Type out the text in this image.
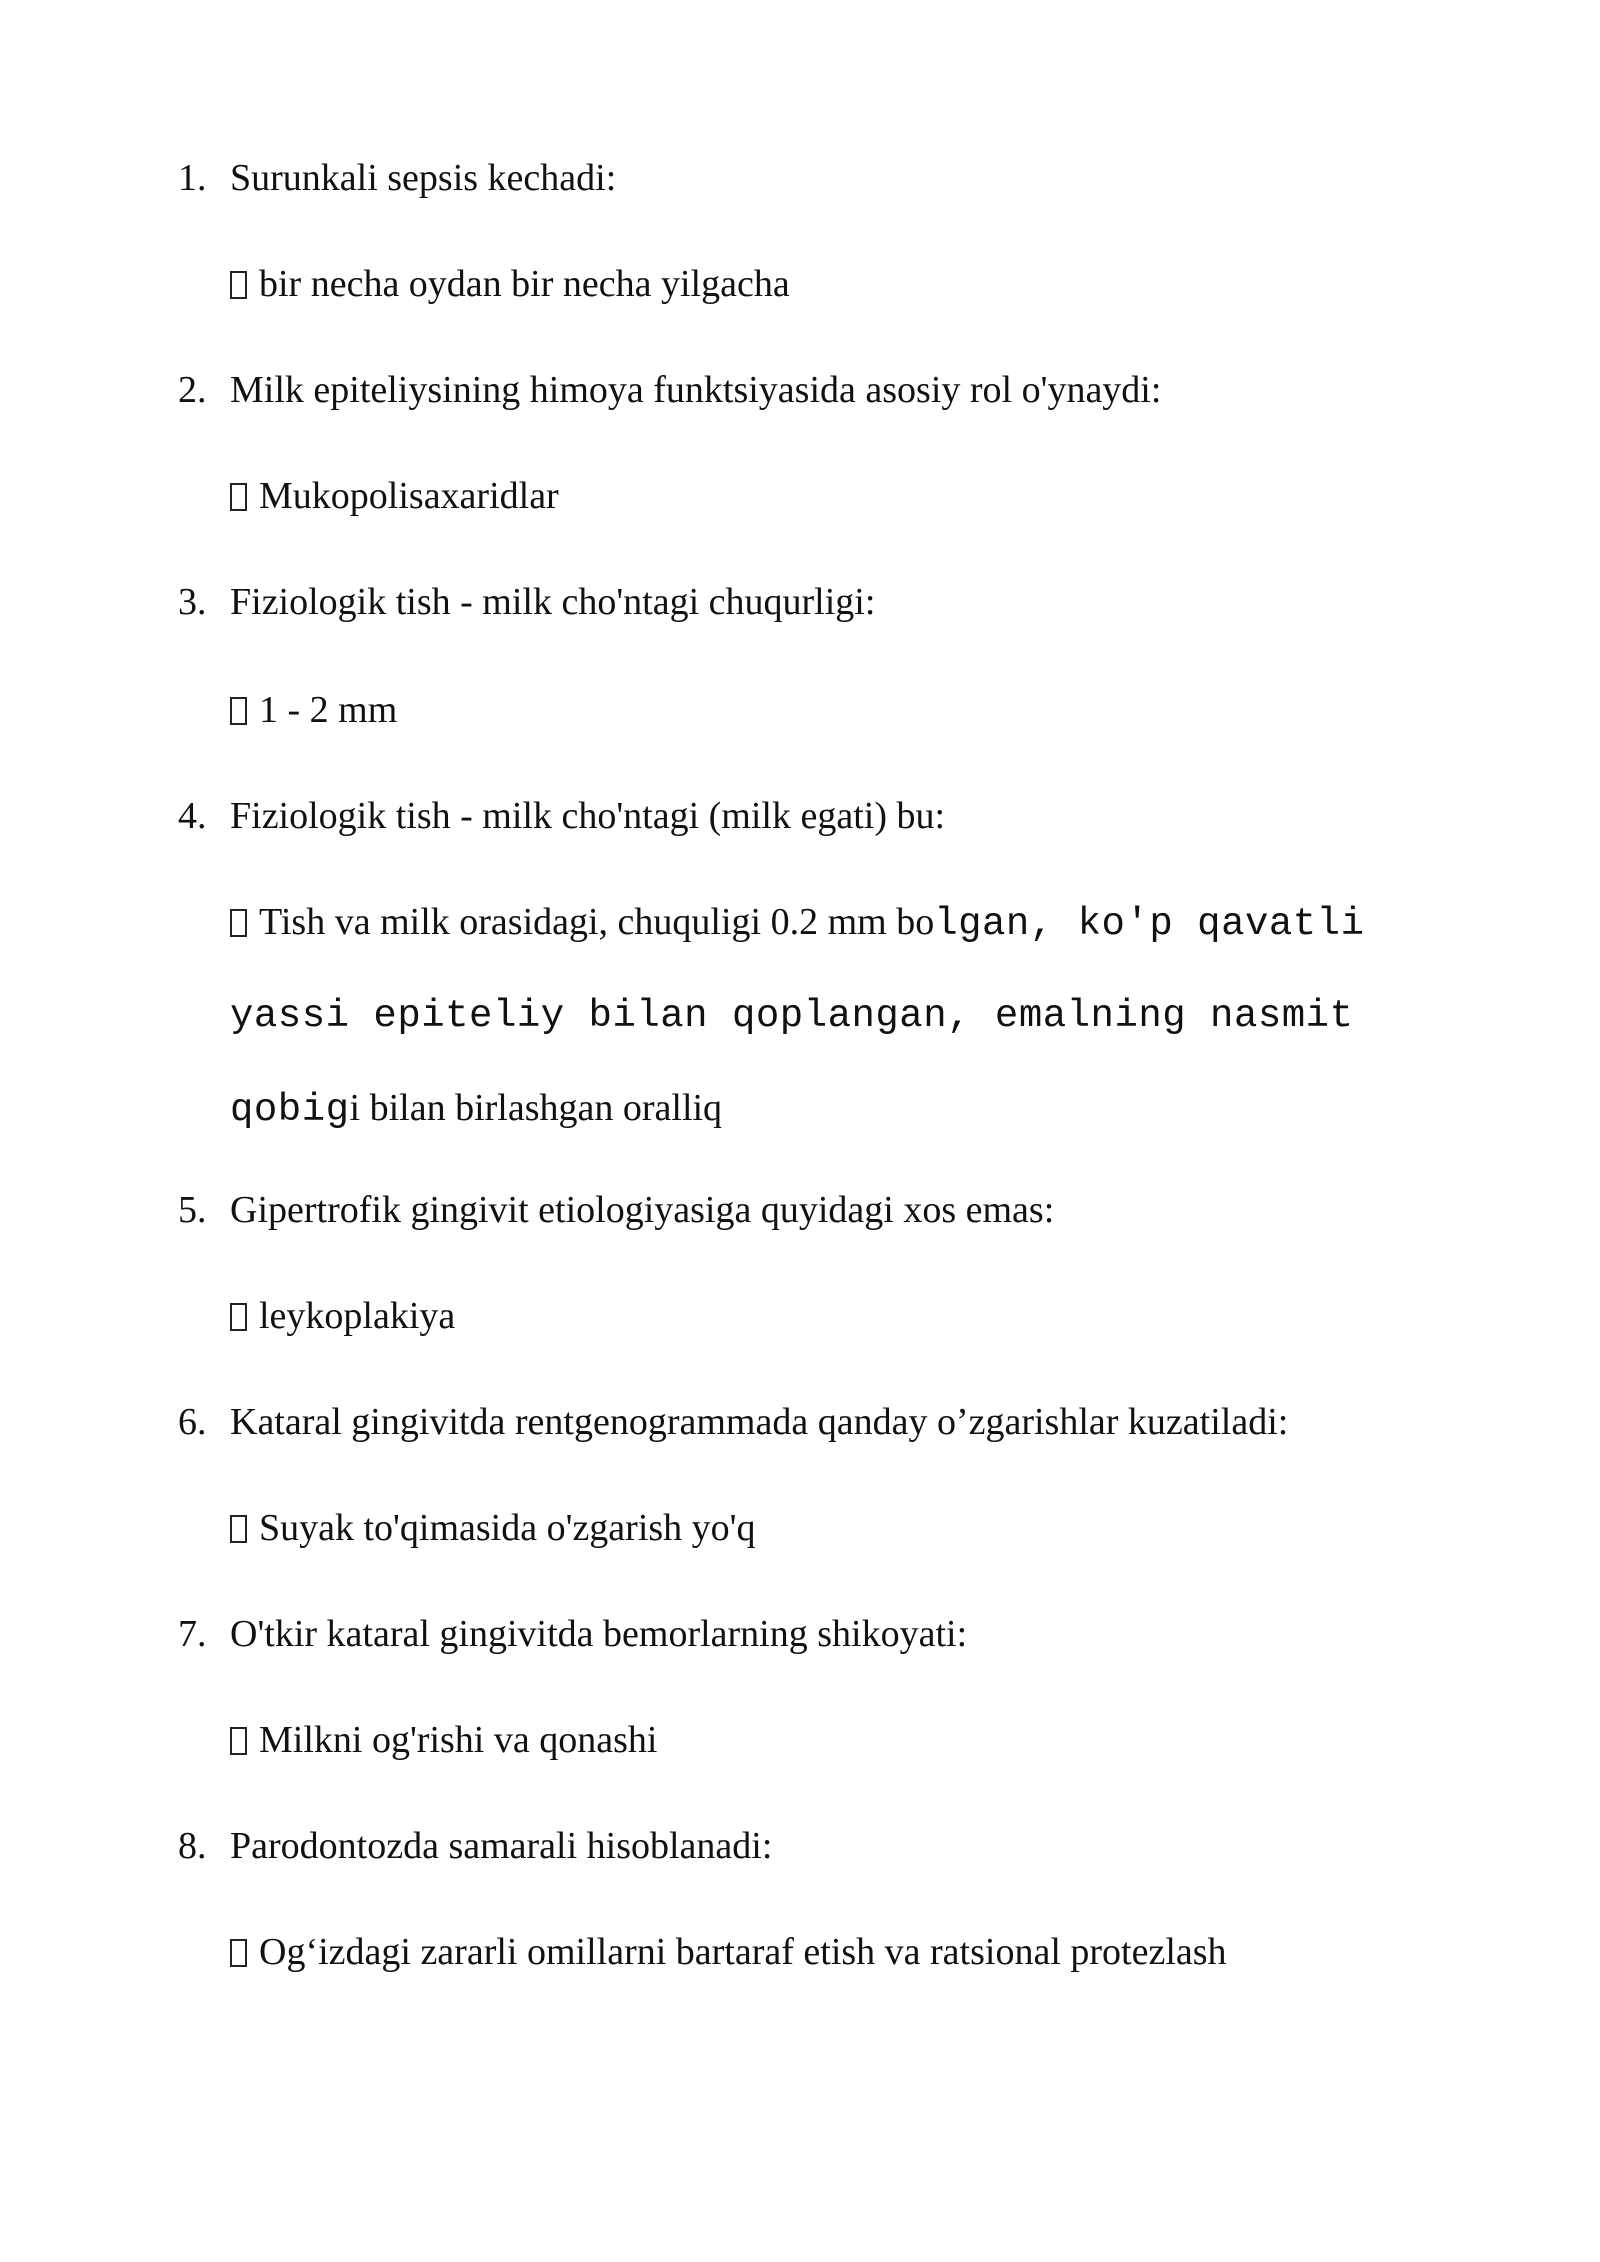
1. Surunkali sepsis kechadi:
bir necha oydan bir necha yilgacha
2. Milk epiteliysining himoya funktsiyasida asosiy rol o'ynaydi:
Mukopolisaxaridlar
3. Fiziologik tish - milk cho'ntagi chuqurligi:
1 - 2 mm
4. Fiziologik tish - milk cho'ntagi (milk egati) bu:
Tish va milk orasidagi, chuquligi 0.2 mm bolgan, ko'p qavatli
yassi epiteliy bilan qoplangan, emalning nasmit
qobigi bilan birlashgan oralliq
5. Gipertrofik gingivit etiologiyasiga quyidagi xos emas:
leykoplakiya
6. Kataral gingivitda rentgenogrammada qanday o’zgarishlar kuzatiladi:
Suyak to'qimasida o'zgarish yo'q
7. O'tkir kataral gingivitda bemorlarning shikoyati:
Milkni og'rishi va qonashi
8. Parodontozda samarali hisoblanadi:
Og‘izdagi zararli omillarni bartaraf etish va ratsional protezlash
